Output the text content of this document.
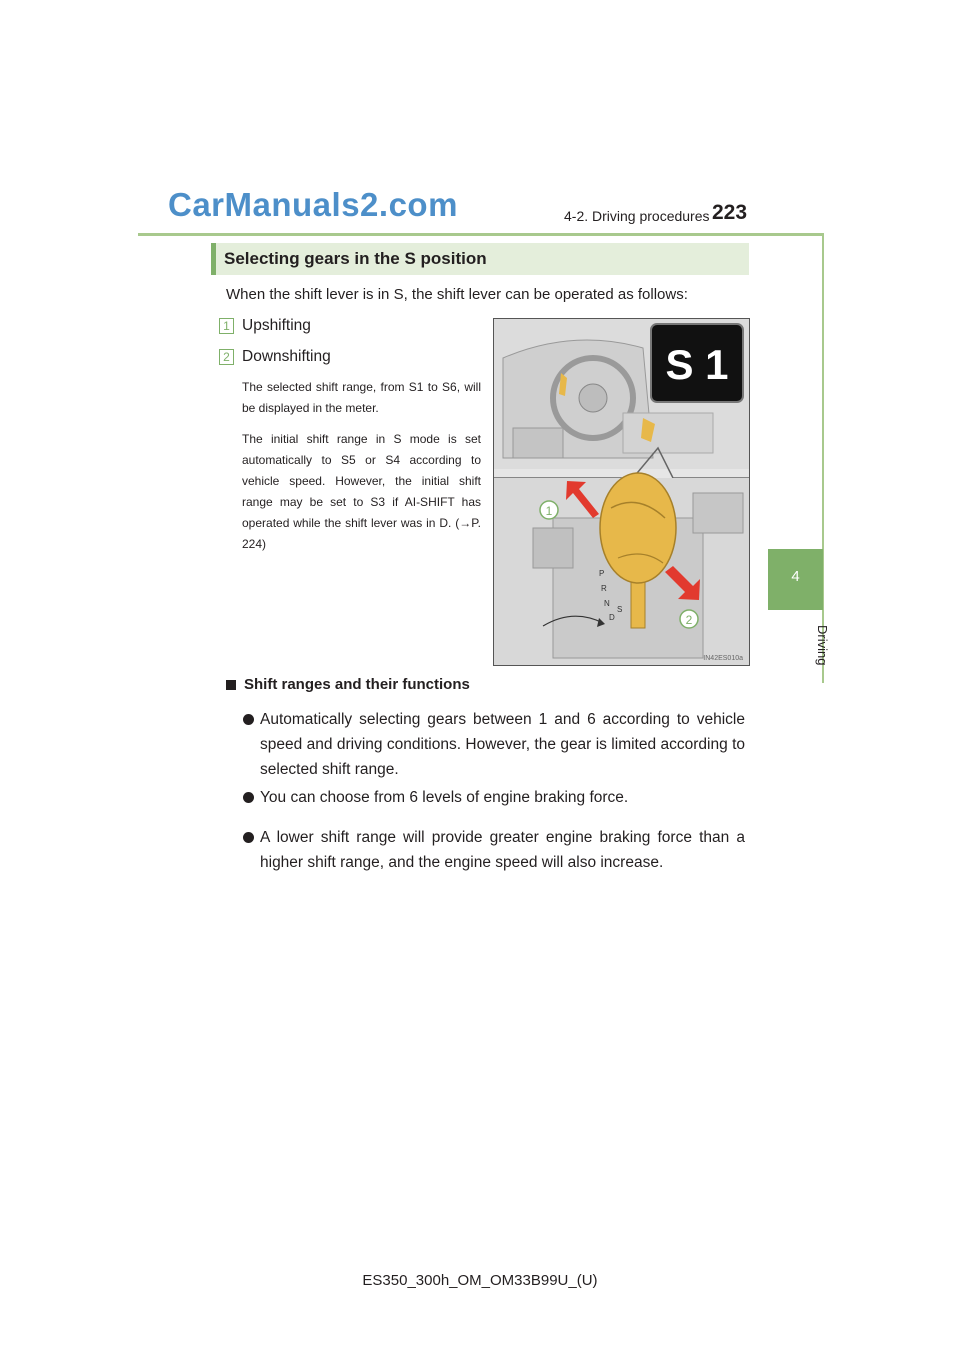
CarManuals2.com	4-2. Driving procedures 223
4
Driving
Selecting gears in the S position
When the shift lever is in S, the shift lever can be operated as follows:
1 Upshifting
2 Downshifting
The selected shift range, from S1 to S6, will be displayed in the meter.
The initial shift range in S mode is set automatically to S5 or S4 according to vehicle speed. However, the initial shift range may be set to S3 if AI-SHIFT has operated while the shift lever was in D. (→P. 224)
S 1
P
R
N
D
S
1
2
IN42ES010a
Shift ranges and their functions
Automatically selecting gears between 1 and 6 according to vehicle speed and driving conditions. However, the gear is limited according to selected shift range.
You can choose from 6 levels of engine braking force.
A lower shift range will provide greater engine braking force than a higher shift range, and the engine speed will also increase.
ES350_300h_OM_OM33B99U_(U)
